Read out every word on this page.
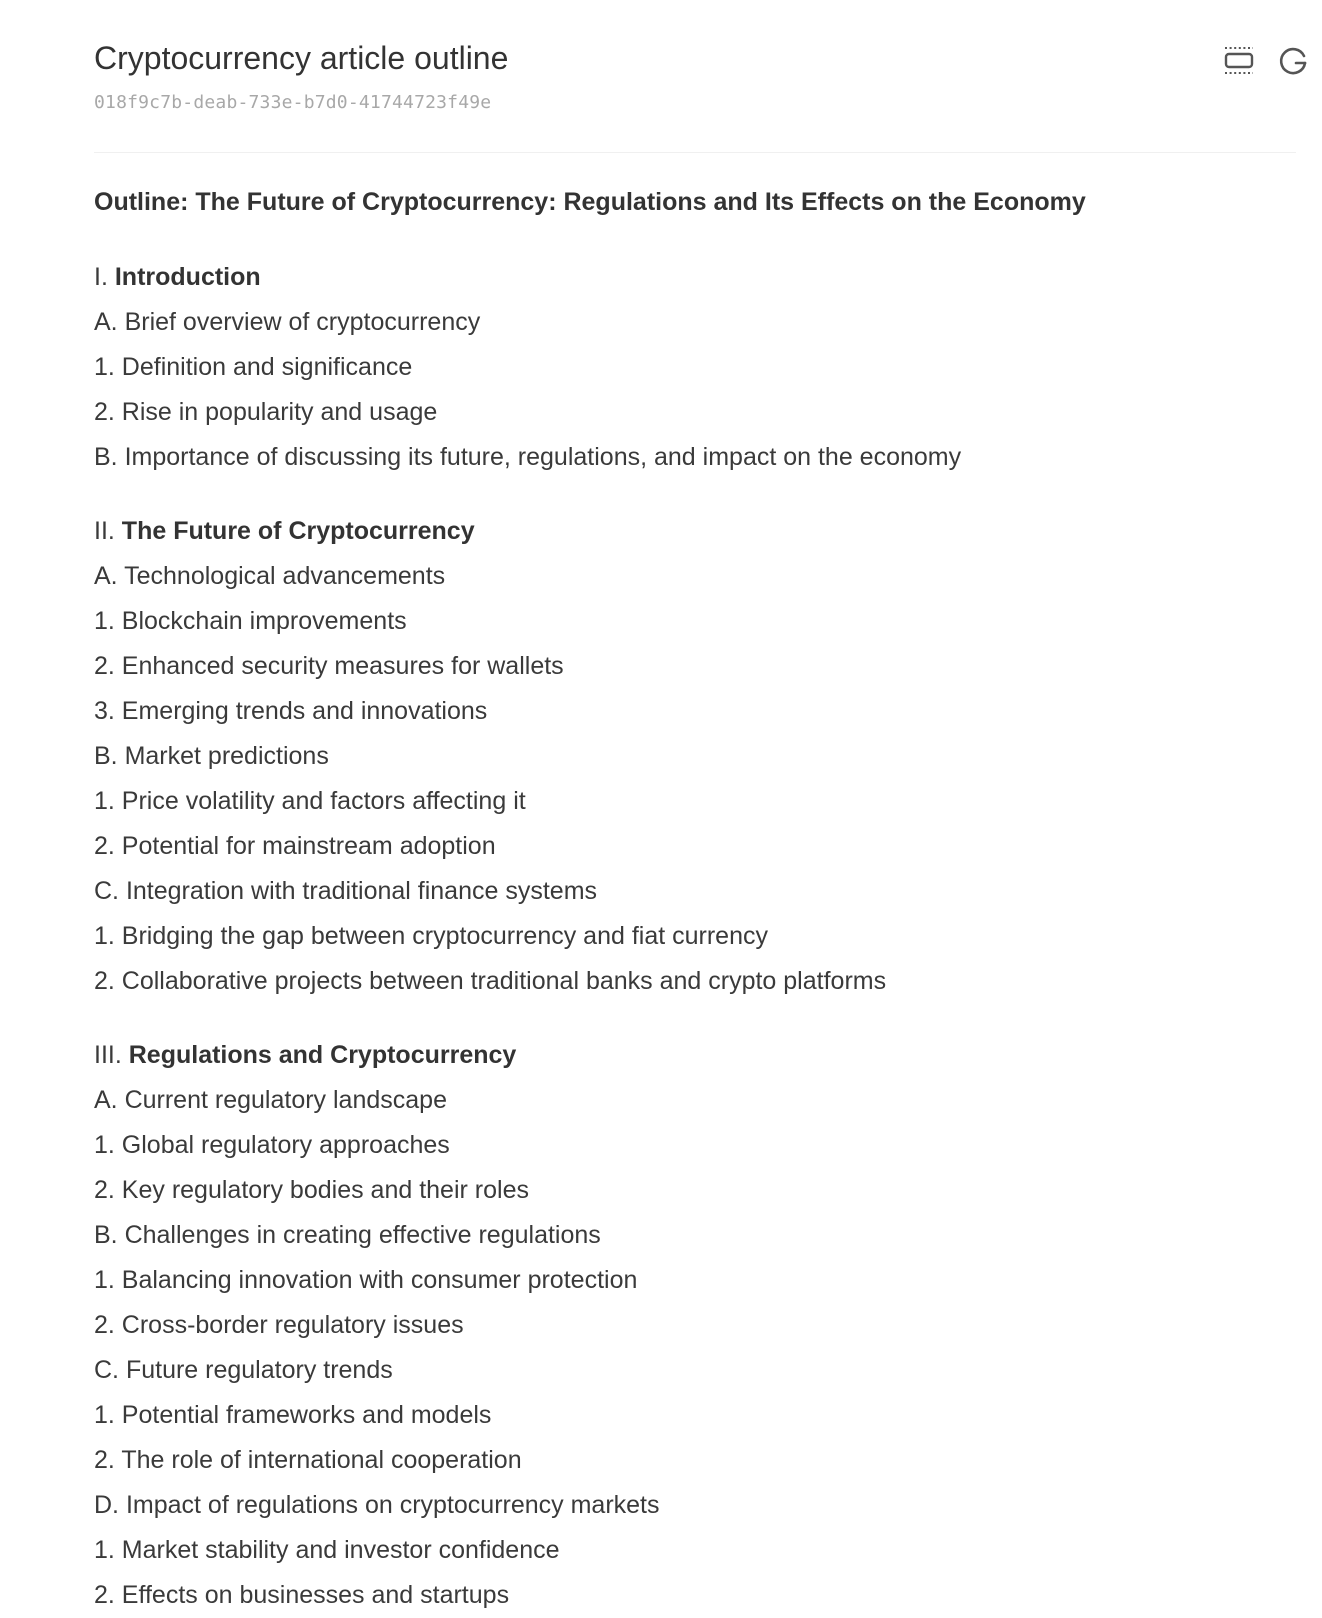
Cryptocurrency article outline
018f9c7b-deab-733e-b7d0-41744723f49e

Outline: The Future of Cryptocurrency: Regulations and Its Effects on the Economy

I. Introduction
A. Brief overview of cryptocurrency
1. Definition and significance
2. Rise in popularity and usage
B. Importance of discussing its future, regulations, and impact on the economy
II. The Future of Cryptocurrency
A. Technological advancements
1. Blockchain improvements
2. Enhanced security measures for wallets
3. Emerging trends and innovations
B. Market predictions
1. Price volatility and factors affecting it
2. Potential for mainstream adoption
C. Integration with traditional finance systems
1. Bridging the gap between cryptocurrency and fiat currency
2. Collaborative projects between traditional banks and crypto platforms
III. Regulations and Cryptocurrency
A. Current regulatory landscape
1. Global regulatory approaches
2. Key regulatory bodies and their roles
B. Challenges in creating effective regulations
1. Balancing innovation with consumer protection
2. Cross-border regulatory issues
C. Future regulatory trends
1. Potential frameworks and models
2. The role of international cooperation
D. Impact of regulations on cryptocurrency markets
1. Market stability and investor confidence
2. Effects on businesses and startups
